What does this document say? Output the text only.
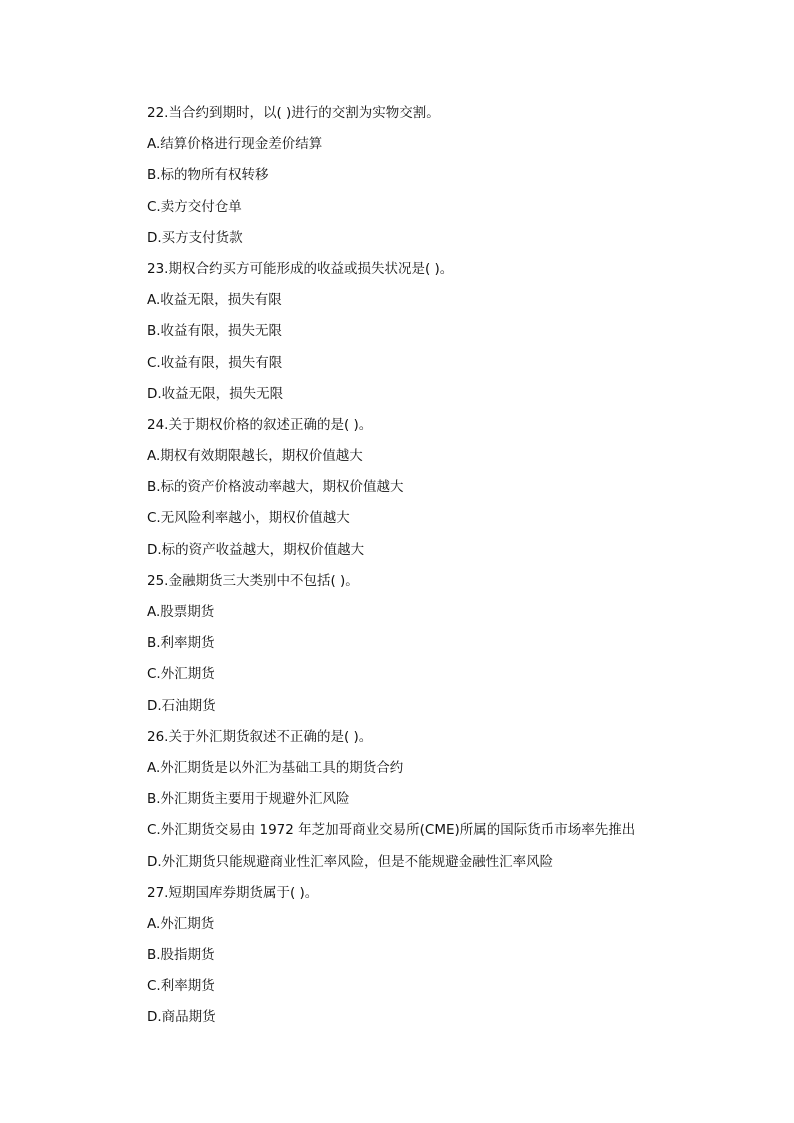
22.当合约到期时，以( )进行的交割为实物交割。
A.结算价格进行现金差价结算
B.标的物所有权转移
C.卖方交付仓单
D.买方支付货款
23.期权合约买方可能形成的收益或损失状况是( )。
A.收益无限，损失有限
B.收益有限，损失无限
C.收益有限，损失有限
D.收益无限，损失无限
24.关于期权价格的叙述正确的是( )。
A.期权有效期限越长，期权价值越大
B.标的资产价格波动率越大，期权价值越大
C.无风险利率越小，期权价值越大
D.标的资产收益越大，期权价值越大
25.金融期货三大类别中不包括( )。
A.股票期货
B.利率期货
C.外汇期货
D.石油期货
26.关于外汇期货叙述不正确的是( )。
A.外汇期货是以外汇为基础工具的期货合约
B.外汇期货主要用于规避外汇风险
C.外汇期货交易由 1972 年芝加哥商业交易所(CME)所属的国际货币市场率先推出
D.外汇期货只能规避商业性汇率风险，但是不能规避金融性汇率风险
27.短期国库券期货属于( )。
A.外汇期货
B.股指期货
C.利率期货
D.商品期货
